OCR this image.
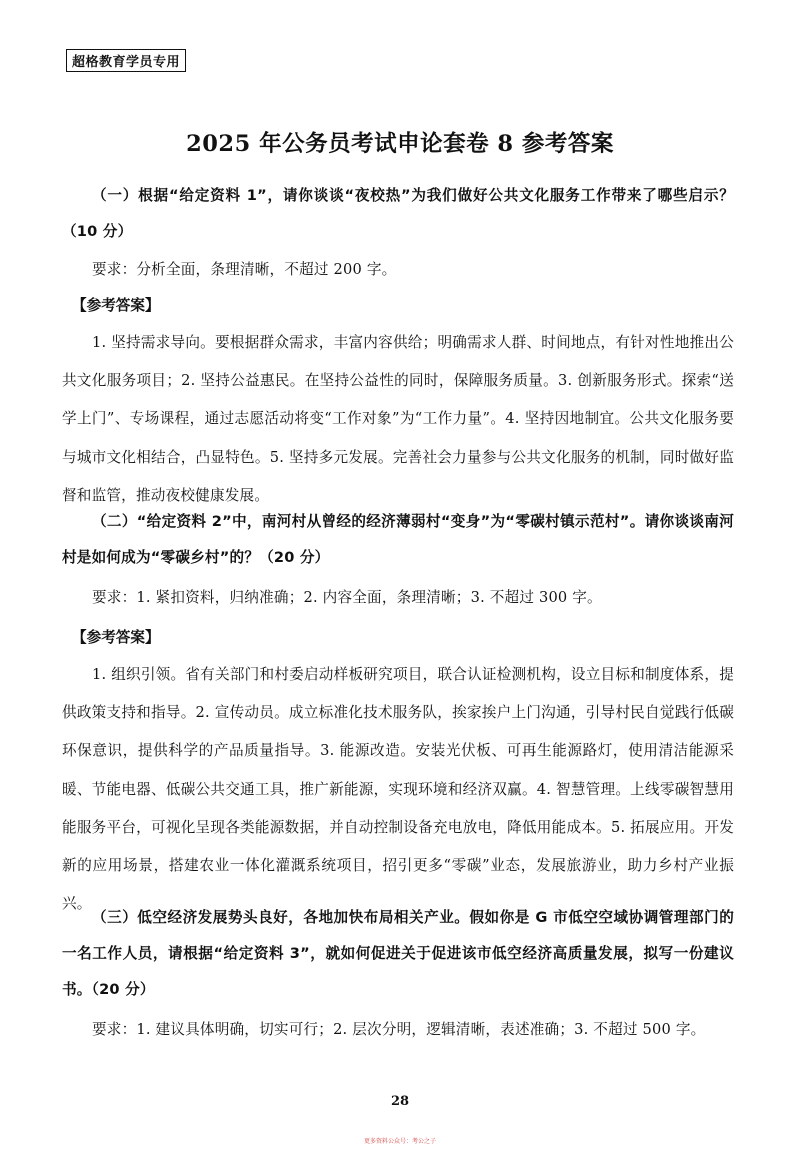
超格教育学员专用
2025 年公务员考试申论套卷 8 参考答案
（一）根据“给定资料 1”，请你谈谈“夜校热”为我们做好公共文化服务工作带来了哪些启示？（10 分）
要求：分析全面，条理清晰，不超过 200 字。
【参考答案】
1. 坚持需求导向。要根据群众需求，丰富内容供给；明确需求人群、时间地点，有针对性地推出公共文化服务项目；2. 坚持公益惠民。在坚持公益性的同时，保障服务质量。3. 创新服务形式。探索“送学上门”、专场课程，通过志愿活动将变“工作对象”为“工作力量”。4. 坚持因地制宜。公共文化服务要与城市文化相结合，凸显特色。5. 坚持多元发展。完善社会力量参与公共文化服务的机制，同时做好监督和监管，推动夜校健康发展。
（二）“给定资料 2”中，南河村从曾经的经济薄弱村“变身”为“零碳村镇示范村”。请你谈谈南河村是如何成为“零碳乡村”的？（20 分）
要求：1. 紧扣资料，归纳准确；2. 内容全面，条理清晰；3. 不超过 300 字。
【参考答案】
1. 组织引领。省有关部门和村委启动样板研究项目，联合认证检测机构，设立目标和制度体系，提供政策支持和指导。2. 宣传动员。成立标准化技术服务队，挨家挨户上门沟通，引导村民自觉践行低碳环保意识，提供科学的产品质量指导。3. 能源改造。安装光伏板、可再生能源路灯，使用清洁能源采暖、节能电器、低碳公共交通工具，推广新能源，实现环境和经济双赢。4. 智慧管理。上线零碳智慧用能服务平台，可视化呈现各类能源数据，并自动控制设备充电放电，降低用能成本。5. 拓展应用。开发新的应用场景，搭建农业一体化灌溉系统项目，招引更多“零碳”业态，发展旅游业，助力乡村产业振兴。
（三）低空经济发展势头良好，各地加快布局相关产业。假如你是 G 市低空空域协调管理部门的一名工作人员，请根据“给定资料 3”，就如何促进关于促进该市低空经济高质量发展，拟写一份建议书。（20 分）
要求：1. 建议具体明确，切实可行；2. 层次分明，逻辑清晰，表述准确；3. 不超过 500 字。
28
更多资料公众号：考公之子
